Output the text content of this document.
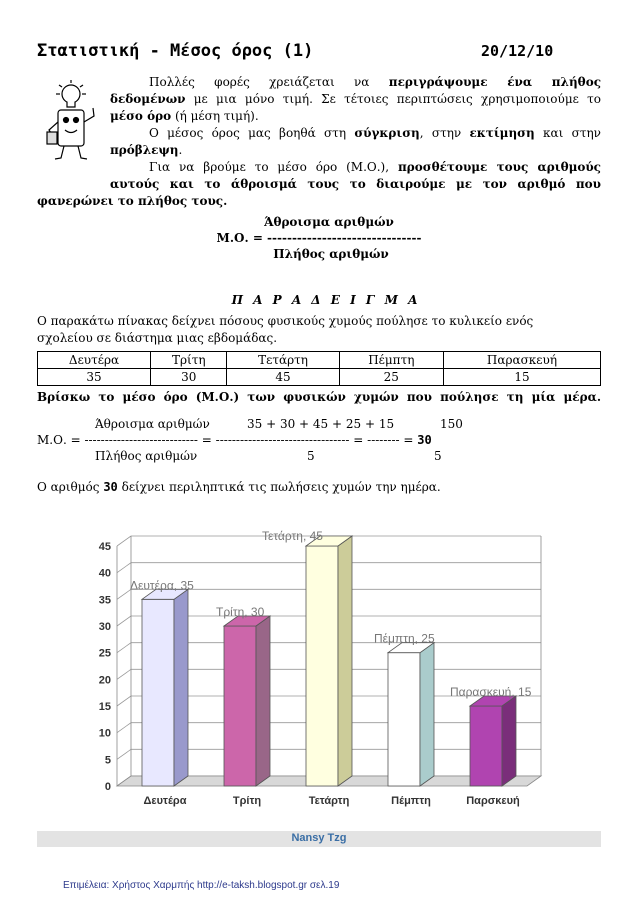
Στατιστική - Μέσος όρος (1)	20/12/10
Πολλές φορές χρειάζεται να περιγράψουμε ένα πλήθος
δεδομένων με μια μόνο τιμή. Σε τέτοιες περιπτώσεις χρησιμοποιούμε το
μέσο όρο (ή μέση τιμή).
Ο μέσος όρος μας βοηθά στη σύγκριση, στην εκτίμηση και στην
πρόβλεψη.
Για να βρούμε το μέσο όρο (Μ.Ο.), προσθέτουμε τους αριθμούς
αυτούς και το άθροισμά τους το διαιρούμε με τον αριθμό που
φανερώνει το πλήθος τους.
Άθροισμα αριθμών
Μ.Ο. = -------------------------------
Πλήθος αριθμών
Π Α Ρ Α Δ Ε Ι Γ Μ Α
Ο παρακάτω πίνακας δείχνει πόσους φυσικούς χυμούς πούλησε το κυλικείο ενός
σχολείου σε διάστημα μιας εβδομάδας.
Δευτέρα	Τρίτη	Τετάρτη	Πέμπτη	Παρασκευή
35	30	45	25	15
Βρίσκω το μέσο όρο (Μ.Ο.) των φυσικών χυμών που πούλησε τη μία μέρα.
Άθροισμα αριθμών	35 + 30 + 45 + 25 + 15	150
Μ.Ο. = ---------------------------- = --------------------------------- = -------- = 30
Πλήθος αριθμών	5	5
Ο αριθμός 30 δείχνει περιληπτικά τις πωλήσεις χυμών την ημέρα.
0
5
10
15
20
25
30
35
40
45
Δευτέρα
Δευτέρα, 35
Τρίτη
Τρίτη, 30
Τετάρτη
Τετάρτη, 45
Πέμπτη
Πέμπτη, 25
Παρσκευή
Παρασκευή, 15
Nansy Tzg
Επιμέλεια: Χρήστος Χαρμπής http://e-taksh.blogspot.gr σελ.19
